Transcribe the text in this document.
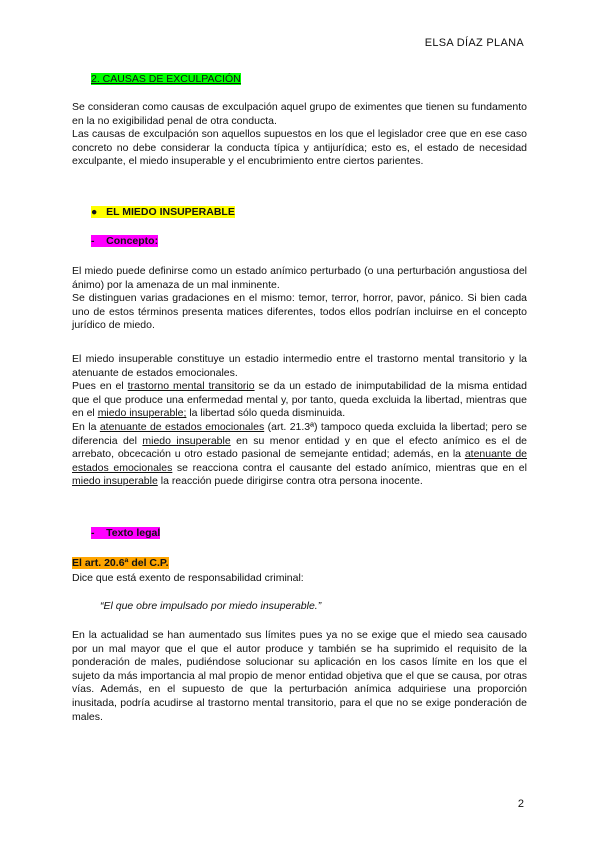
ELSA DÍAZ PLANA
2. CAUSAS DE EXCULPACIÓN

Se consideran como causas de exculpación aquel grupo de eximentes que tienen su fundamento en la no exigibilidad penal de otra conducta.

Las causas de exculpación son aquellos supuestos en los que el legislador cree que en ese caso concreto no debe considerar la conducta típica y antijurídica; esto es, el estado de necesidad exculpante, el miedo insuperable y el encubrimiento entre ciertos parientes.

● EL MIEDO INSUPERABLE
- Concepto:

El miedo puede definirse como un estado anímico perturbado (o una perturbación angustiosa del ánimo) por la amenaza de un mal inminente.

Se distinguen varias gradaciones en el mismo: temor, terror, horror, pavor, pánico. Si bien cada uno de estos términos presenta matices diferentes, todos ellos podrían incluirse en el concepto jurídico de miedo.

El miedo insuperable constituye un estadio intermedio entre el trastorno mental transitorio y la atenuante de estados emocionales.

Pues en el trastorno mental transitorio se da un estado de inimputabilidad de la misma entidad que el que produce una enfermedad mental y, por tanto, queda excluida la libertad, mientras que en el miedo insuperable; la libertad sólo queda disminuida.

En la atenuante de estados emocionales (art. 21.3ª) tampoco queda excluida la libertad; pero se diferencia del miedo insuperable en su menor entidad y en que el efecto anímico es el de arrebato, obcecación u otro estado pasional de semejante entidad; además, en la atenuante de estados emocionales se reacciona contra el causante del estado anímico, mientras que en el miedo insuperable la reacción puede dirigirse contra otra persona inocente.

- Texto legal
El art. 20.6ª del C.P.

Dice que está exento de responsabilidad criminal:

“El que obre impulsado por miedo insuperable.”

En la actualidad se han aumentado sus límites pues ya no se exige que el miedo sea causado por un mal mayor que el que el autor produce y también se ha suprimido el requisito de la ponderación de males, pudiéndose solucionar su aplicación en los casos límite en los que el sujeto da más importancia al mal propio de menor entidad objetiva que el que se causa, por otras vías. Además, en el supuesto de que la perturbación anímica adquiriese una proporción inusitada, podría acudirse al trastorno mental transitorio, para el que no se exige ponderación de males.

2
